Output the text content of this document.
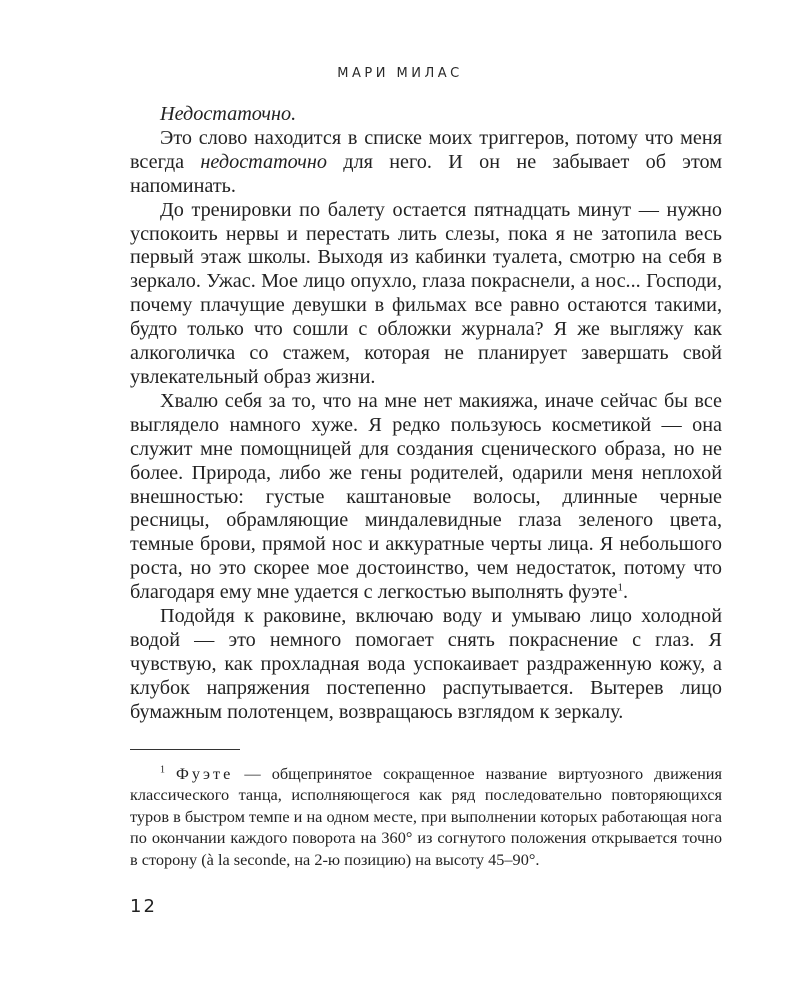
МАРИ МИЛАС

Недостаточно.

Это слово находится в списке моих триггеров, потому что меня всегда недостаточно для него. И он не забывает об этом напоминать.

До тренировки по балету остается пятнадцать минут — нужно успокоить нервы и перестать лить слезы, пока я не затопила весь первый этаж школы. Выходя из кабинки туалета, смотрю на себя в зеркало. Ужас. Мое лицо опухло, глаза покраснели, а нос... Господи, почему плачущие девушки в фильмах все равно остаются такими, будто только что сошли с обложки журнала? Я же выгляжу как алкоголичка со стажем, которая не планирует завершать свой увлекательный образ жизни.

Хвалю себя за то, что на мне нет макияжа, иначе сейчас бы все выглядело намного хуже. Я редко пользуюсь косметикой — она служит мне помощницей для создания сценического образа, но не более. Природа, либо же гены родителей, одарили меня неплохой внешностью: густые каштановые волосы, длинные черные ресницы, обрамляющие миндалевидные глаза зеленого цвета, темные брови, прямой нос и аккуратные черты лица. Я небольшого роста, но это скорее мое достоинство, чем недостаток, потому что благодаря ему мне удается с легкостью выполнять фуэте$^1$.

Подойдя к раковине, включаю воду и умываю лицо холодной водой — это немного помогает снять покраснение с глаз. Я чувствую, как прохладная вода успокаивает раздраженную кожу, а клубок напряжения постепенно распутывается. Вытерев лицо бумажным полотенцем, возвращаюсь взглядом к зеркалу.

$^1$ Фуэте — общепринятое сокращенное название виртуозного движения классического танца, исполняющегося как ряд последовательно повторяющихся туров в быстром темпе и на одном месте, при выполнении которых работающая нога по окончании каждого поворота на 360° из согнутого положения открывается точно в сторону (à la seconde, на 2-ю позицию) на высоту 45–90°.
12
